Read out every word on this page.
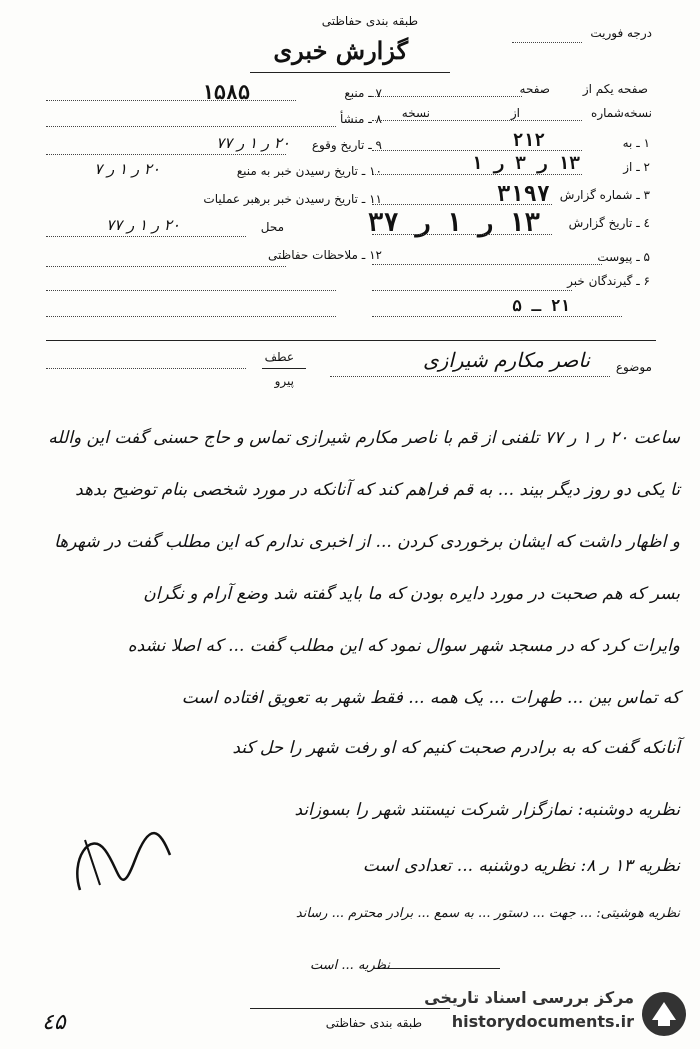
طبقه بندی حفاظتی
گزارش خبری
درجه فوریت
صفحه یکم از
صفحه
نسخه‌شماره
از
نسخه
۱ ـ به
۲۱۲
۲ ـ از
۱۳ ر ۳ ر ۱
۳ ـ شماره گزارش
۳۱۹۷
٤ ـ تاریخ گزارش
۱۳ ر ۱ ر ۳۷
۵ ـ پیوست
۶ ـ گیرندگان خبر
۲۱ ـ ۵
۷ ـ منبع
۱۵۸۵
۸ ـ منشأ
۹ ـ تاریخ وقوع
۲۰ ر ۱ ر ۷۷
۱۰ ـ تاریخ رسیدن خبر به منبع
۲۰ ر ۱ ر ۷
۱۱ ـ تاریخ رسیدن خبر برهبر عملیات
محل
۲۰ ر ۱ ر ۷۷
۱۲ ـ ملاحظات حفاظتی
موضوع
ناصر مکارم شیرازی
عطف
پیرو
ساعت ۲۰ ر ۱ ر ۷۷ تلفنی از قم با ناصر مکارم شیرازی تماس و حاج حسنی گفت این والله
تا یکی دو روز دیگر بیند ... به قم فراهم کند که آنانکه در مورد شخصی بنام توضیح بدهد
و اظهار داشت که ایشان برخوردی کردن ... از اخبری ندارم که این مطلب گفت در شهرها
بسر که هم صحبت در مورد دایره بودن که ما باید گفته شد وضع آرام و نگران
وایرات کرد که در مسجد شهر سوال نمود که این مطلب گفت ... که اصلا نشده
که تماس بین ... طهرات ... یک همه ... فقط شهر به تعویق افتاده است
آنانکه گفت که به برادرم صحبت کنیم که او رفت شهر را حل کند
نظریه دوشنبه: نمازگزار شرکت نیستند شهر را بسوزاند
نظریه ۱۳ ر ۸: نظریه دوشنبه ... تعدادی است
نظریه هوشیتی: ... جهت ... دستور ... به سمع ... برادر محترم ... رساند
نظریه ... است
طبقه بندی حفاظتی
٤۵
مرکز بررسی اسناد تاریخی
historydocuments.ir
